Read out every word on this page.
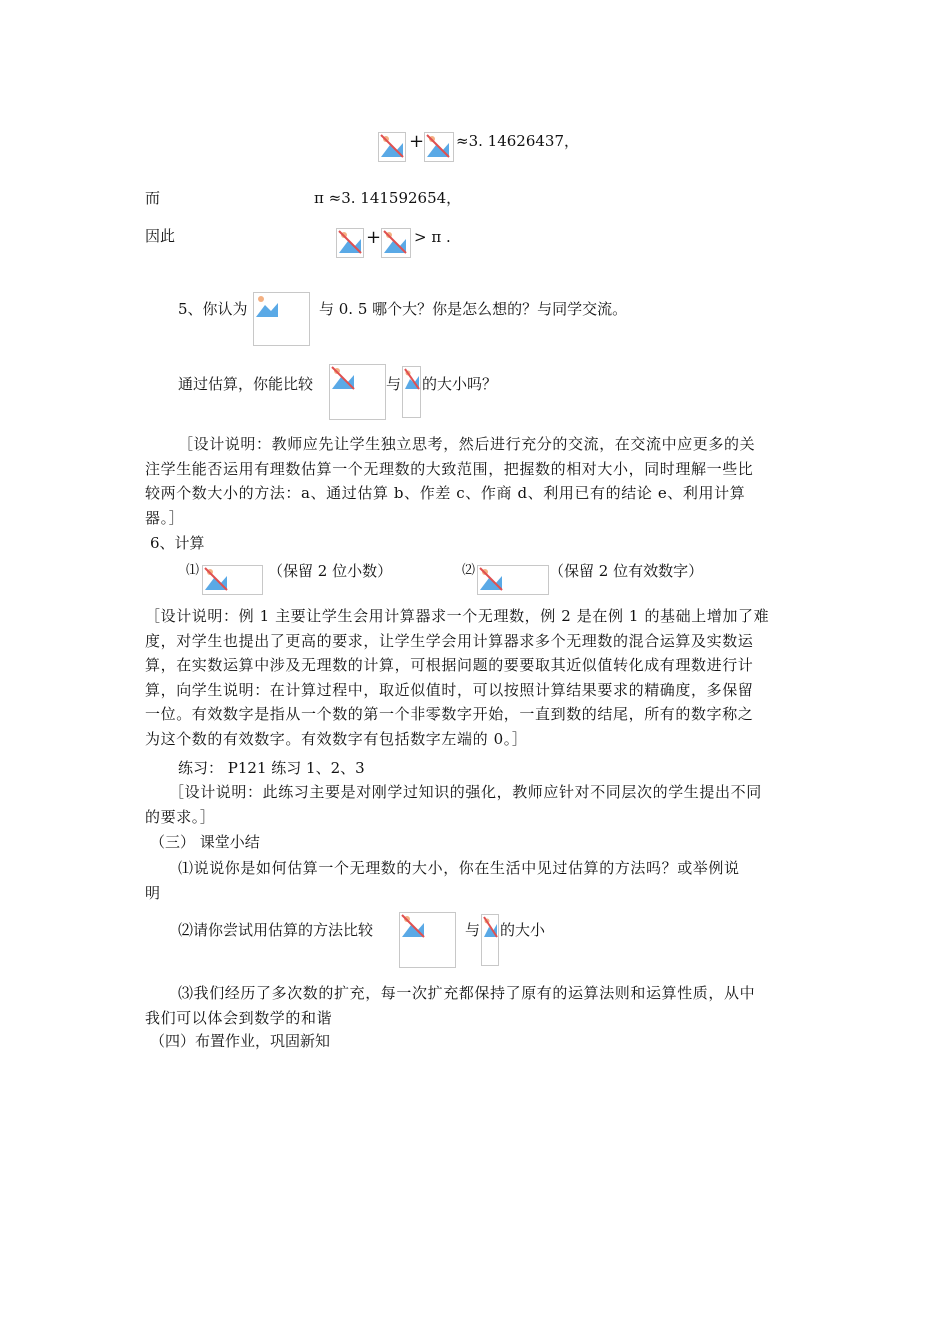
+ ≈3. 14626437，
而	π ≈3. 141592654，
因此	+ > π .
5、你认为	与 0. 5 哪个大？你是怎么想的？与同学交流。
通过估算，你能比较	与 的大小吗？
［设计说明：教师应先让学生独立思考，然后进行充分的交流，在交流中应更多的关
注学生能否运用有理数估算一个无理数的大致范围，把握数的相对大小，同时理解一些比
较两个数大小的方法：a、通过估算 b、作差 c、作商 d、利用已有的结论 e、利用计算
器。］
6、计算
⑴	（保留 2 位小数）	⑵	（保留 2 位有效数字）
［设计说明：例 1 主要让学生会用计算器求一个无理数，例 2 是在例 1 的基础上增加了难
度，对学生也提出了更高的要求，让学生学会用计算器求多个无理数的混合运算及实数运
算，在实数运算中涉及无理数的计算，可根据问题的要要取其近似值转化成有理数进行计
算，向学生说明：在计算过程中，取近似值时，可以按照计算结果要求的精确度，多保留
一位。有效数字是指从一个数的第一个非零数字开始，一直到数的结尾，所有的数字称之
为这个数的有效数字。有效数字有包括数字左端的 0。］
练习： P121 练习 1、2、3
［设计说明：此练习主要是对刚学过知识的强化，教师应针对不同层次的学生提出不同
的要求。］
（三） 课堂小结
⑴说说你是如何估算一个无理数的大小，你在生活中见过估算的方法吗？或举例说
明
⑵请你尝试用估算的方法比较	与 的大小
⑶我们经历了多次数的扩充，每一次扩充都保持了原有的运算法则和运算性质，从中
我们可以体会到数学的和谐
（四）布置作业，巩固新知
